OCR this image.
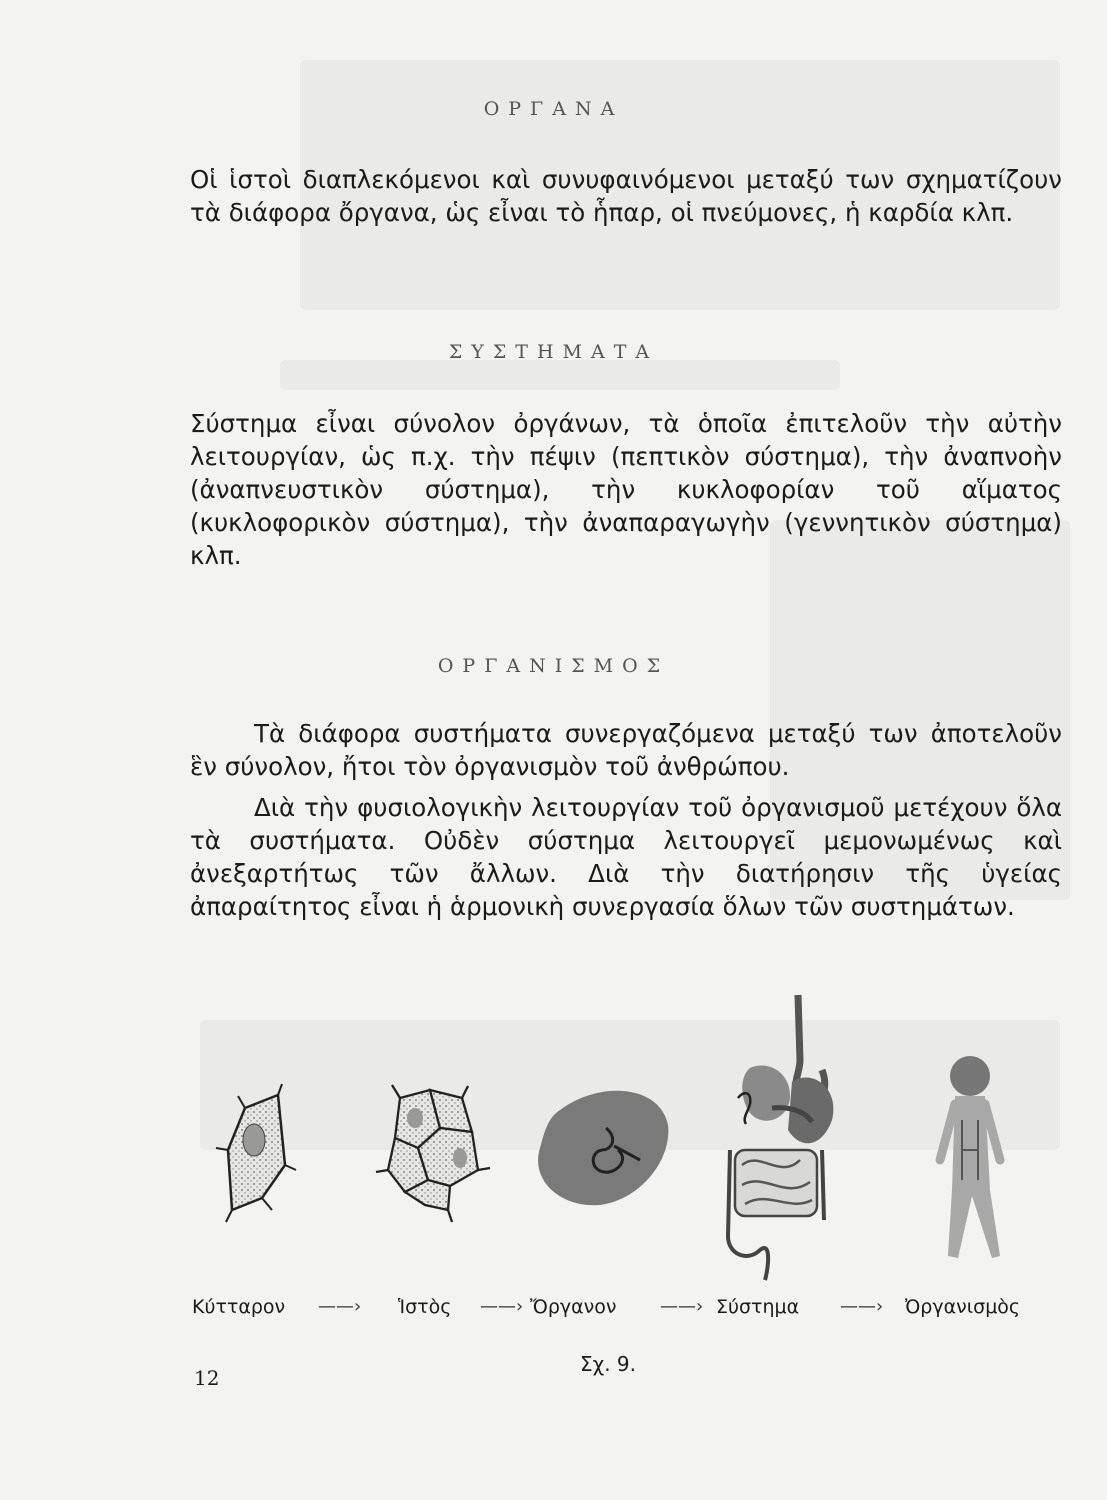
ΟΡΓΑΝΑ

Οἱ ἱστοὶ διαπλεκόμενοι καὶ συνυφαινόμενοι μεταξύ των σχηματίζουν τὰ διάφορα ὄργανα, ὡς εἶναι τὸ ἧπαρ, οἱ πνεύμονες, ἡ καρδία κλπ.

ΣΥΣΤΗΜΑΤΑ

Σύστημα εἶναι σύνολον ὀργάνων, τὰ ὁποῖα ἐπιτελοῦν τὴν αὐτὴν λειτουργίαν, ὡς π.χ. τὴν πέψιν (πεπτικὸν σύστημα), τὴν ἀναπνοὴν (ἀναπνευστικὸν σύστημα), τὴν κυκλοφορίαν τοῦ αἵματος (κυκλοφορικὸν σύστημα), τὴν ἀναπαραγωγὴν (γεννητικὸν σύστημα) κλπ.

ΟΡΓΑΝΙΣΜΟΣ

Τὰ διάφορα συστήματα συνεργαζόμενα μεταξύ των ἀποτελοῦν ἓν σύνολον, ἤτοι τὸν ὀργανισμὸν τοῦ ἀνθρώπου.

Διὰ τὴν φυσιολογικὴν λειτουργίαν τοῦ ὀργανισμοῦ μετέχουν ὅλα τὰ συστήματα. Οὐδὲν σύστημα λειτουργεῖ μεμονωμένως καὶ ἀνεξαρτήτως τῶν ἄλλων. Διὰ τὴν διατήρησιν τῆς ὑγείας ἀπαραίτητος εἶναι ἡ ἁρμονικὴ συνεργασία ὅλων τῶν συστημάτων.

Κύτταρον ——› Ἱστὸς ——› Ὄργανον ——› Σύστημα ——› Ὀργανισμὸς
Σχ. 9.
12
